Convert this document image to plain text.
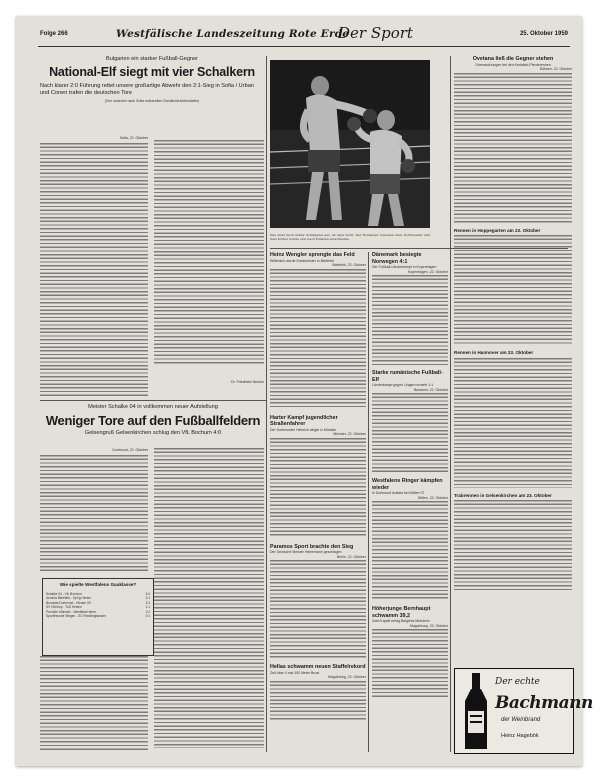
Folge 266	Westfälische Landeszeitung Rote Erde
Der Sport	25. Oktober 1959

Bulgarien ein starker Fußball-Gegner

National-Elf siegt mit vier Schalkern

Nach klarer 2:0 Führung rettet unsere großartige Abwehr den 2:1-Sieg in Sofia / Urban und Conen trafen die deutschen Tore

(Von unserem nach Sofia entsandten Sonderberichterstatter)

Sofia, 22. Oktober

Dr. Friedhelm Becker

Meister Schalke 04 in vollkommen neuer Aufstellung

Weniger Tore auf den Fußballfeldern

Gelsengruß Gelsenkirchen schlug den VfL Bochum 4:0

Dortmund, 22. Oktober

Wie spielte Westfalens Gauklasse?

Schalke 04 - VfL Bochum	4:0
Arminia Bielefeld - SpVg Herten	2:1
Borussia Dortmund - Hüsten 09	3:1
SV Höntrop - TuS Helene	1:1
Preußen Münster - Westfalia Herne	2:2
Sportfreunde Siegen - SC Recklinghausen	0:1

Das sieht nach wilder Schlägerei aus, ist aber nicht. Der Boxkampf zwischen dem Dortmunder und dem Kölner wurde erst nach Punkten entschieden.

Heinz Wengler sprengte das Feld

Willemich wurde Kreismeister in Bielefeld

Bielefeld, 22. Oktober

Harter Kampf jugendlicher Straßenfahrer

Der Dortmunder Heinrich siegte in Münster

Münster, 22. Oktober

Paramos Sport brachte den Sieg

Der Deutsche Meister Heinemann geschlagen

Berlin, 22. Oktober

Hellas schwamm neuen Staffelrekord

Zeit über 4 mal 100 Meter Brust

Magdeburg, 22. Oktober

Dänemark besiegte Norwegen 4:1

Der Fußball-Länderkampf in Kopenhagen

Kopenhagen, 22. Oktober

Starke rumänische Fußball-Elf

Länderkampf gegen Ungarn endete 1:1

Bukarest, 22. Oktober

Westfalens Ringer kämpfen wieder

In Dortmund Auftakt bei Witten 07

Witten, 22. Oktober

Höherjunge Bernhaupt schwamm 39,2

Zwei Kapelt erfolg Belgiens Meisterin

Magdeburg, 22. Oktober

Ovetana ließ die Gegner stehen

Überraschungen bei den Kreisfeld-Pferderennen

Dülmen, 22. Oktober

Rennen in Hoppegarten am 23. Oktober

Rennen in Hannover am 23. Oktober

Trabrennen in Gelsenkirchen am 23. Oktober

Der echte
Bachmann
der Weinbrand
Heinz Hagebök
